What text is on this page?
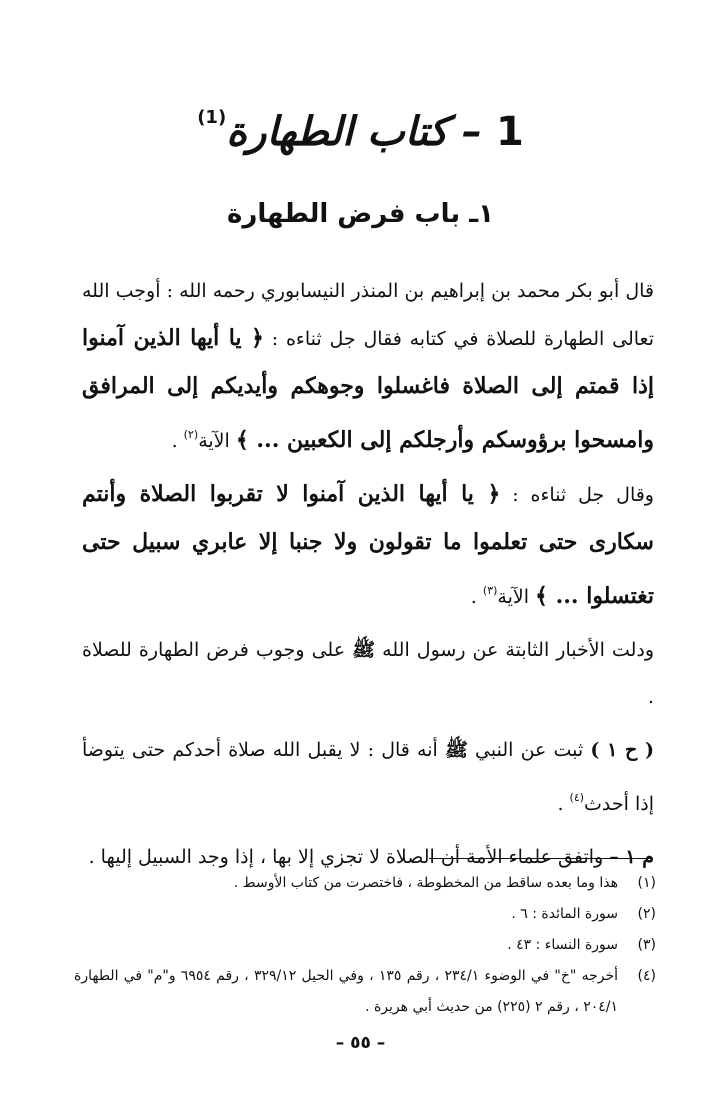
1 – كتاب الطهارة$^{(1)}$
١ـ باب فرض الطهارة

قال أبو بكر محمد بن إبراهيم بن المنذر النيسابوري رحمه الله : أوجب الله تعالى الطهارة للصلاة في كتابه فقال جل ثناءه : ﴿ يا أيها الذين آمنوا إذا قمتم إلى الصلاة فاغسلوا وجوهكم وأيديكم إلى المرافق وامسحوا برؤوسكم وأرجلكم إلى الكعبين ... ﴾ الآية$^{(٢)}$ .

وقال جل ثناءه : ﴿ يا أيها الذين آمنوا لا تقربوا الصلاة وأنتم سكارى حتى تعلموا ما تقولون ولا جنبا إلا عابري سبيل حتى تغتسلوا ... ﴾ الآية$^{(٣)}$ .

ودلت الأخبار الثابتة عن رسول الله ﷺ على وجوب فرض الطهارة للصلاة .

( ح ١ ) ثبت عن النبي ﷺ أنه قال : لا يقبل الله صلاة أحدكم حتى يتوضأ إذا أحدث$^{(٤)}$ .

م ١ – واتفق علماء الأمة أن الصلاة لا تجزي إلا بها ، إذا وجد السبيل إليها .

(١)
هذا وما بعده ساقط من المخطوطة ، فاختصرت من كتاب الأوسط .
(٢)
سورة المائدة : ٦ .
(٣)
سورة النساء : ٤٣ .
(٤)
أخرجه "خ" في الوضوء ٢٣٤/١ ، رقم ١٣٥ ، وفي الحيل ٣٢٩/١٢ ، رقم ٦٩٥٤ و"م" في الطهارة ٢٠٤/١ ، رقم ٢ (٢٢٥) من حديث أبي هريرة .
– ٥٥ –
